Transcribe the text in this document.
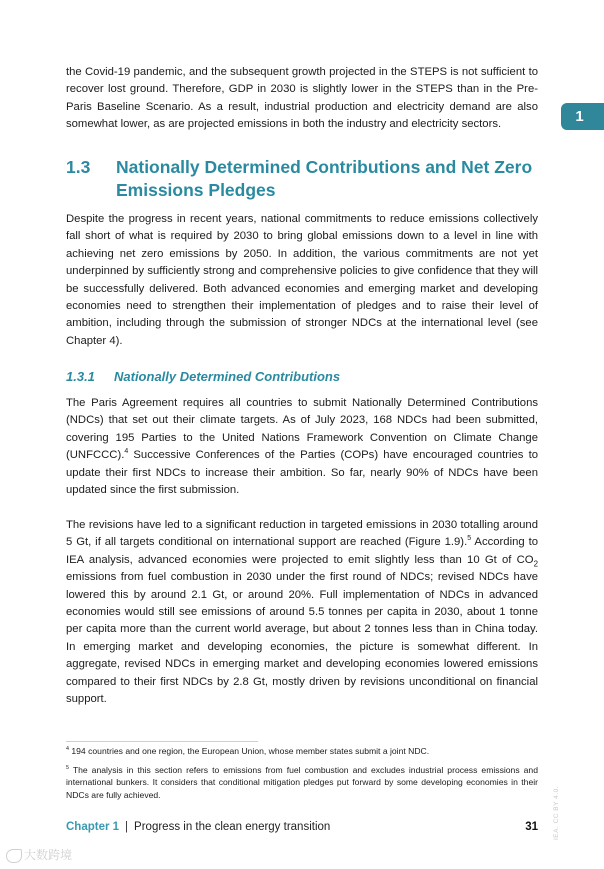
1

the Covid-19 pandemic, and the subsequent growth projected in the STEPS is not sufficient to recover lost ground. Therefore, GDP in 2030 is slightly lower in the STEPS than in the Pre-Paris Baseline Scenario. As a result, industrial production and electricity demand are also somewhat lower, as are projected emissions in both the industry and electricity sectors.

1.3 Nationally Determined Contributions and Net Zero Emissions Pledges

Despite the progress in recent years, national commitments to reduce emissions collectively fall short of what is required by 2030 to bring global emissions down to a level in line with achieving net zero emissions by 2050. In addition, the various commitments are not yet underpinned by sufficiently strong and comprehensive policies to give confidence that they will be successfully delivered. Both advanced economies and emerging market and developing economies need to strengthen their implementation of pledges and to raise their level of ambition, including through the submission of stronger NDCs at the international level (see Chapter 4).

1.3.1 Nationally Determined Contributions

The Paris Agreement requires all countries to submit Nationally Determined Contributions (NDCs) that set out their climate targets. As of July 2023, 168 NDCs had been submitted, covering 195 Parties to the United Nations Framework Convention on Climate Change (UNFCCC).$^4$ Successive Conferences of the Parties (COPs) have encouraged countries to update their first NDCs to increase their ambition. So far, nearly 90% of NDCs have been updated since the first submission.

The revisions have led to a significant reduction in targeted emissions in 2030 totalling around 5 Gt, if all targets conditional on international support are reached (Figure 1.9).$^5$ According to IEA analysis, advanced economies were projected to emit slightly less than 10 Gt of $CO_2$ emissions from fuel combustion in 2030 under the first round of NDCs; revised NDCs have lowered this by around 2.1 Gt, or around 20%. Full implementation of NDCs in advanced economies would still see emissions of around 5.5 tonnes per capita in 2030, about 1 tonne per capita more than the current world average, but about 2 tonnes less than in China today. In emerging market and developing economies, the picture is somewhat different. In aggregate, revised NDCs in emerging market and developing economies lowered emissions compared to their first NDCs by 2.8 Gt, mostly driven by revisions unconditional on financial support.

$^4$ 194 countries and one region, the European Union, whose member states submit a joint NDC.

$^5$ The analysis in this section refers to emissions from fuel combustion and excludes industrial process emissions and international bunkers. It considers that conditional mitigation pledges put forward by some developing economies in their NDCs are fully achieved.

Chapter 1 | Progress in the clean energy transition	31 IEA. CC BY 4.0.
大数跨境
